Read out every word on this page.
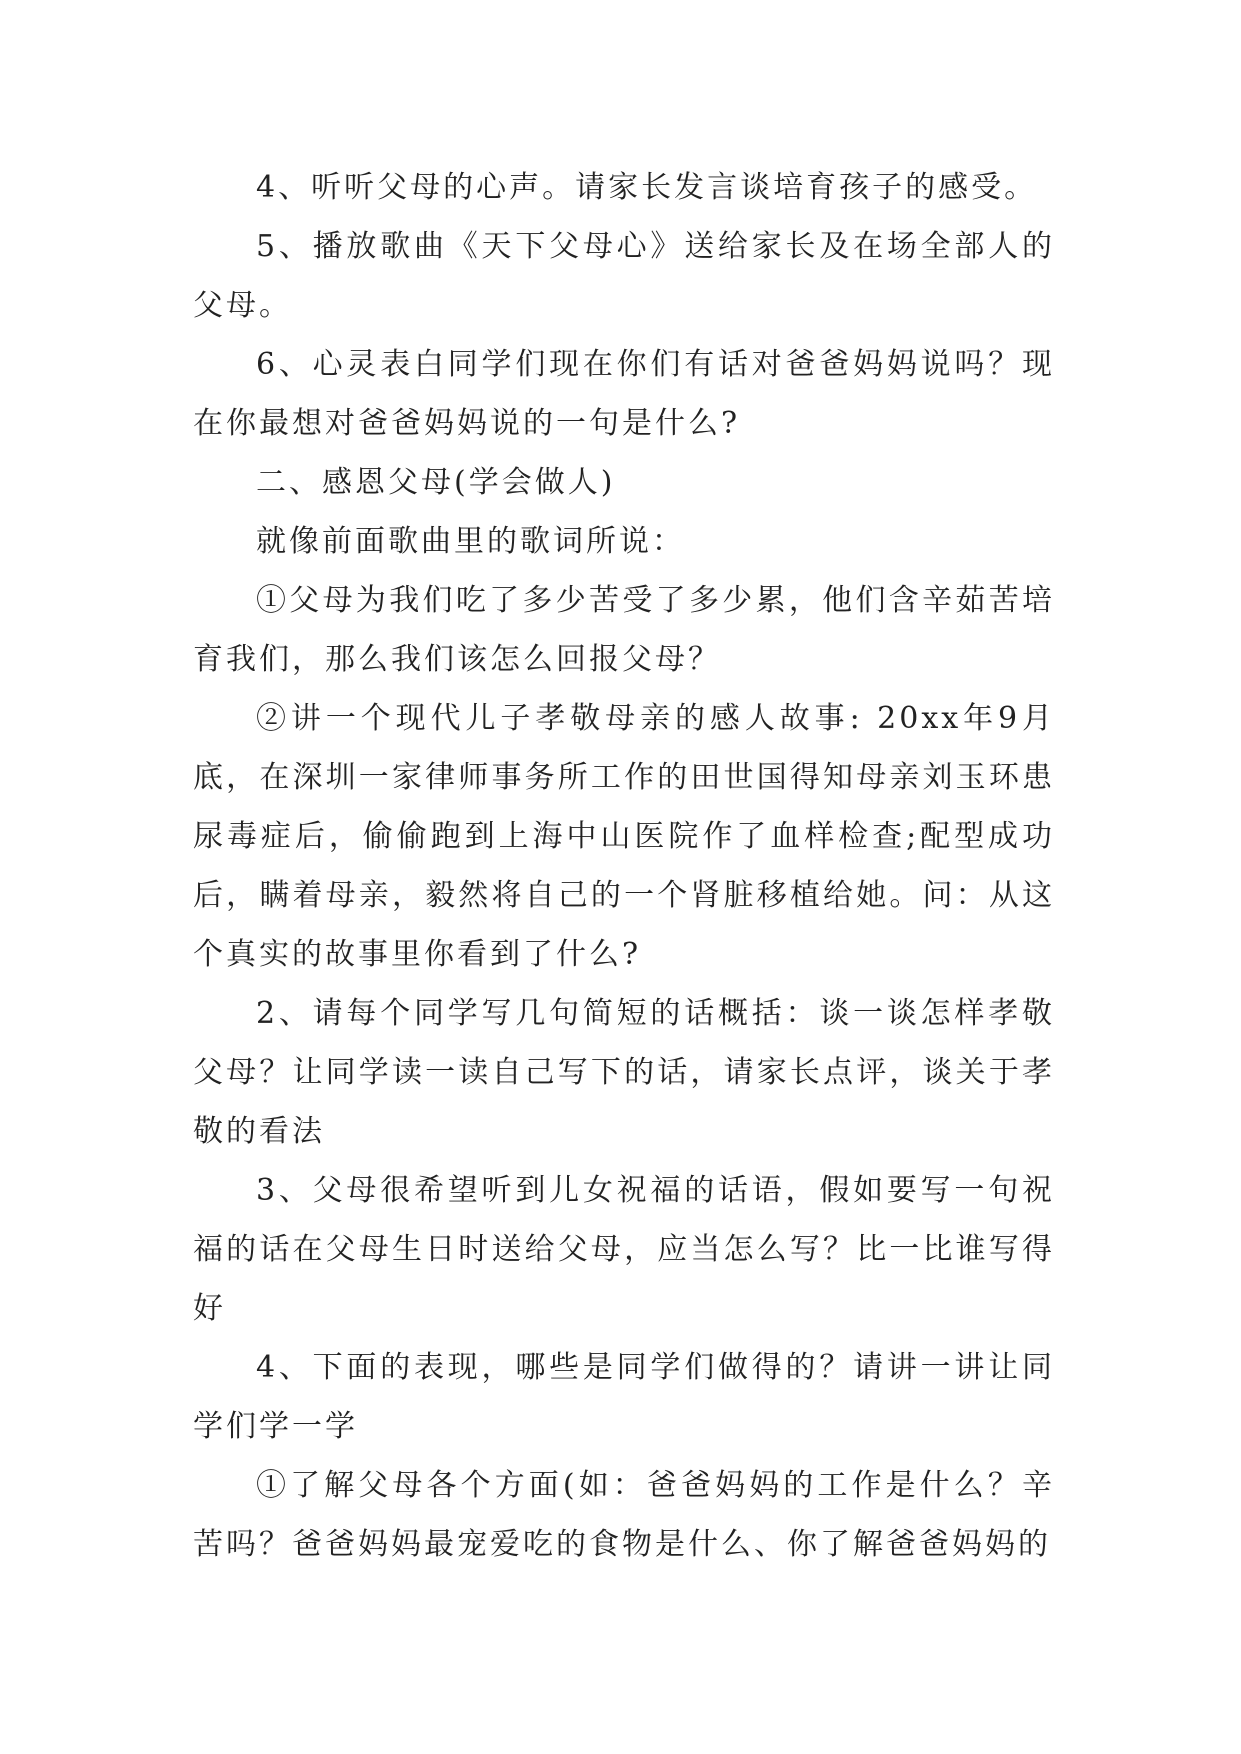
4、听听父母的心声。请家长发言谈培育孩子的感受。

5、播放歌曲《天下父母心》送给家长及在场全部人的父母。

6、心灵表白同学们现在你们有话对爸爸妈妈说吗？现在你最想对爸爸妈妈说的一句是什么?

二、感恩父母(学会做人)

就像前面歌曲里的歌词所说：

①父母为我们吃了多少苦受了多少累，他们含辛茹苦培育我们，那么我们该怎么回报父母？

②讲一个现代儿子孝敬母亲的感人故事: 20xx年9月底，在深圳一家律师事务所工作的田世国得知母亲刘玉环患尿毒症后，偷偷跑到上海中山医院作了血样检查;配型成功后，瞒着母亲，毅然将自己的一个肾脏移植给她。问：从这个真实的故事里你看到了什么?

2、请每个同学写几句简短的话概括：谈一谈怎样孝敬父母？让同学读一读自己写下的话，请家长点评，谈关于孝敬的看法

3、父母很希望听到儿女祝福的话语，假如要写一句祝福的话在父母生日时送给父母，应当怎么写？比一比谁写得好

4、下面的表现，哪些是同学们做得的？请讲一讲让同学们学一学

①了解父母各个方面(如：爸爸妈妈的工作是什么？辛苦吗？爸爸妈妈最宠爱吃的食物是什么、你了解爸爸妈妈的
